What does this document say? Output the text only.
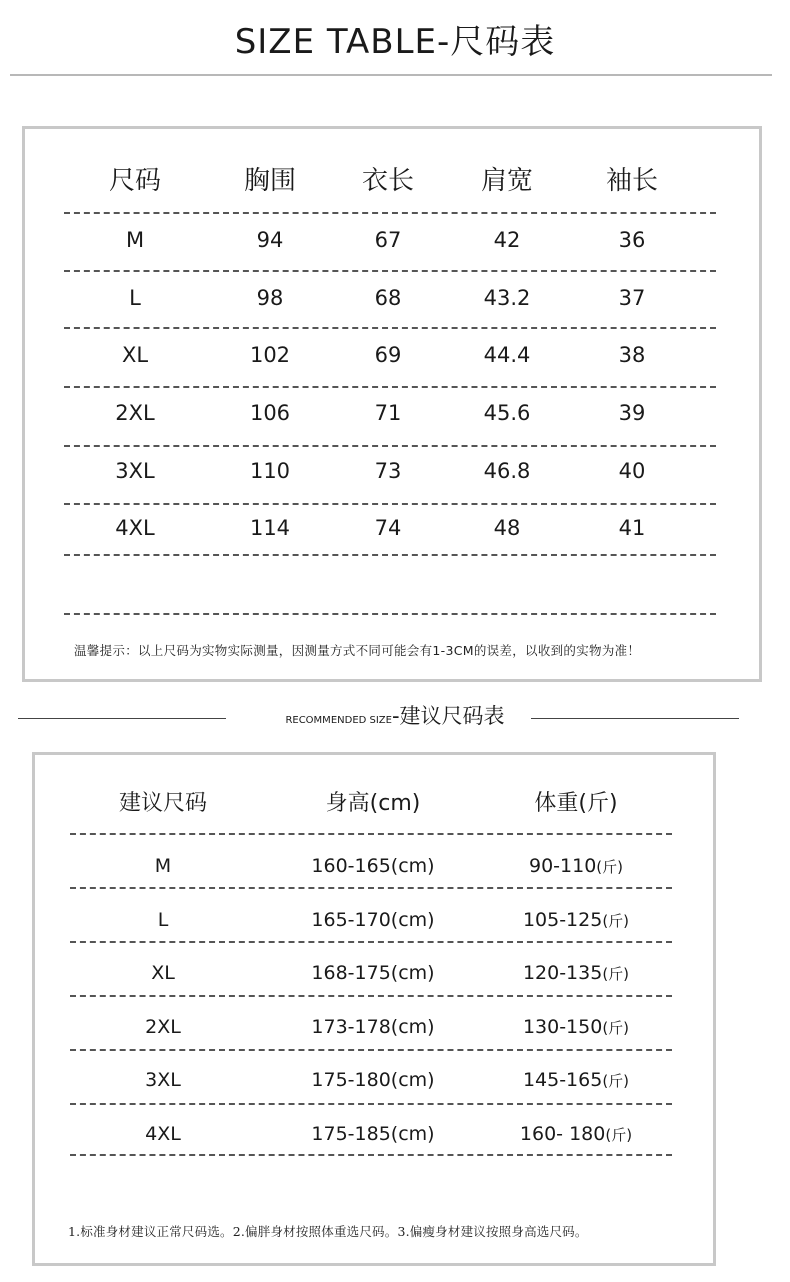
SIZE TABLE-尺码表
尺码	胸围	衣长	肩宽	袖长
M	94	67	42	36
L	98	68	43.2	37
XL	102	69	44.4	38
2XL	106	71	45.6	39
3XL	110	73	46.8	40
4XL	114	74	48	41
温馨提示：以上尺码为实物实际测量，因测量方式不同可能会有1-3CM的误差，以收到的实物为准！
RECOMMENDED SIZE-建议尺码表
建议尺码	身高(cm)	体重(斤)
M	160-165(cm)	90-110(斤)
L	165-170(cm)	105-125(斤)
XL	168-175(cm)	120-135(斤)
2XL	173-178(cm)	130-150(斤)
3XL	175-180(cm)	145-165(斤)
4XL	175-185(cm)	160- 180(斤)
1.标准身材建议正常尺码选。2.偏胖身材按照体重选尺码。3.偏瘦身材建议按照身高选尺码。
